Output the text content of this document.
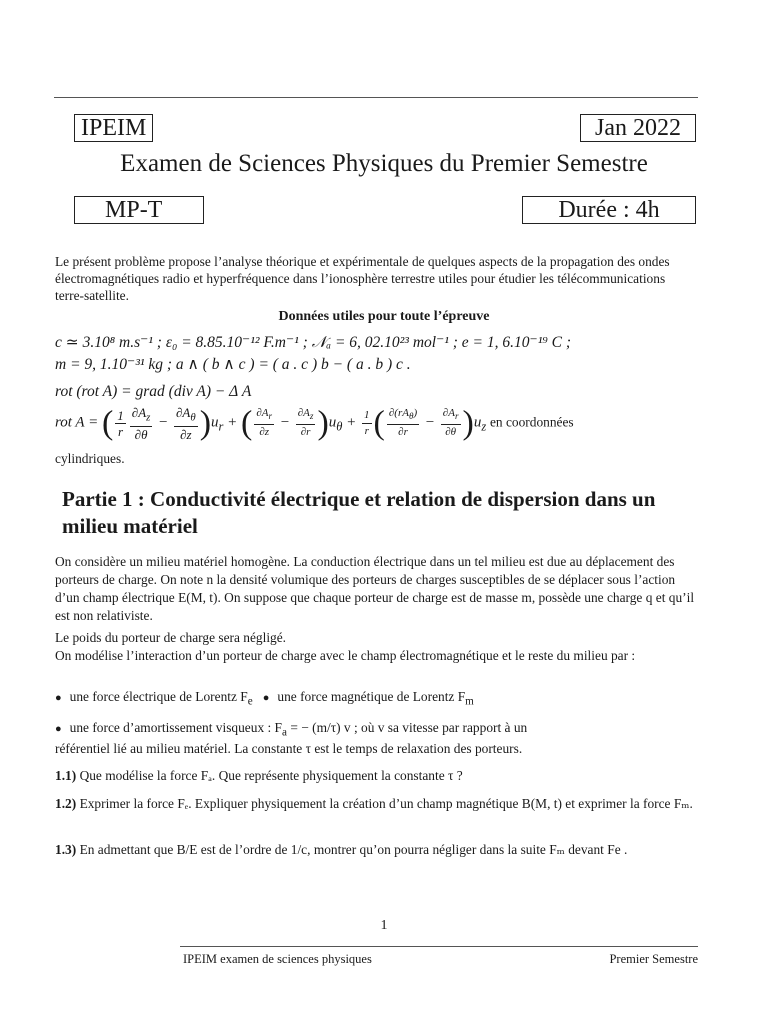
IPEIM	Jan 2022
Examen de Sciences Physiques du Premier Semestre
MP-T	Durée : 4h

Le présent problème propose l’analyse théorique et expérimentale de quelques aspects de la propagation des ondes électromagnétiques radio et hyperfréquence dans l’ionosphère terrestre utiles pour étudier les télécommunications terre-satellite.

Données utiles pour toute l’épreuve
c ≃ 3.10⁸ m.s⁻¹ ; ε₀ = 8.85.10⁻¹² F.m⁻¹ ; 𝒩ₐ = 6, 02.10²³ mol⁻¹ ; e = 1, 6.10⁻¹⁹ C ;
m = 9, 1.10⁻³¹ kg ; a ∧ ( b ∧ c ) = ( a . c ) b − ( a . b ) c .
rot (rot A) = grad (div A) − Δ A
rot A = ( $\frac{1}{r} \frac{\partial A_z}{\partial\theta} - \frac{\partial A_\theta}{\partial z} )u_r$ + ( $\frac{\partial A_r}{\partial z} - \frac{\partial A_z}{\partial r} )u_\theta + \frac{1}{r}$ ( $\frac{\partial(rA_\theta)}{\partial r} - \frac{\partial A_r}{\partial\theta} )u_z$ en coordonnées
cylindriques.
Partie 1 : Conductivité électrique et relation de dispersion dans un milieu matériel

On considère un milieu matériel homogène. La conduction électrique dans un tel milieu est due au déplacement des porteurs de charge. On note n la densité volumique des porteurs de charges susceptibles de se déplacer sous l’action d’un champ électrique E(M, t). On suppose que chaque porteur de charge est de masse m, possède une charge q et qu’il est non relativiste.

Le poids du porteur de charge sera négligé.

On modélise l’interaction d’un porteur de charge avec le champ électromagnétique et le reste du milieu par :

● une force électrique de Lorentz $F_e$ ● une force magnétique de Lorentz $F_m$
● une force d’amortissement visqueux : $F_a$ = − (m/τ) v ; où v sa vitesse par rapport à un
référentiel lié au milieu matériel. La constante τ est le temps de relaxation des porteurs.
1.1) Que modélise la force Fₐ. Que représente physiquement la constante τ ?
1.2) Exprimer la force Fₑ. Expliquer physiquement la création d’un champ magnétique B(M, t) et exprimer la force Fₘ.
1.3) En admettant que B/E est de l’ordre de 1/c, montrer qu’on pourra négliger dans la suite Fₘ devant Fe .
1
IPEIM examen de sciences physiques	Premier Semestre
